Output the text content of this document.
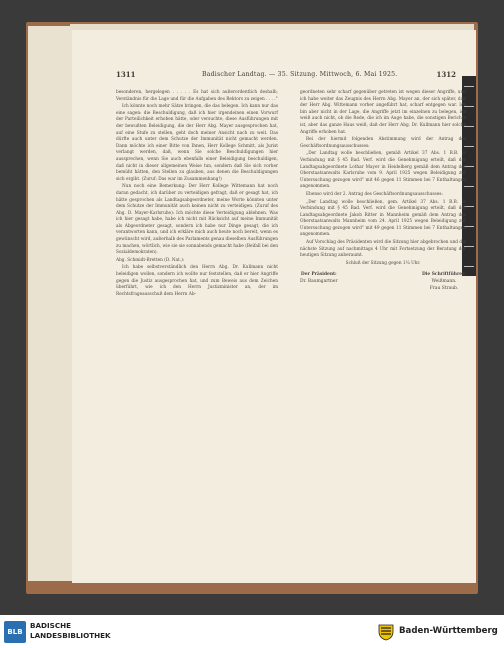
1311	Badischer Landtag. — 35. Sitzung. Mittwoch, 6. Mai 1925.	1312

besonderen, hergelegen . . . . . Es hat sich außerordentlich deshalb, Verständnis für die Lage und für die Aufgaben des Rektors zu zeigen . . . ."

Ich könnte noch mehr Sätze bringen, die das belegen. Ich kann nur das eine sagen: die Beschuldigung, daß ich hier irgendeinen einen Vorwurf der Parteilichkeit erhoben hätte, oder versuchte, diese Ausführungen mit der bewußten Beleidigung, die der Herr Abg. Mayer ausgesprochen hat, auf eine Stufe zu stellen, geht doch meiner Ansicht nach zu weit. Das dürfte auch unter dem Schutze der Immunität nicht gemacht werden. Dann möchte ich einer Bitte von Ihnen, Herr Kollege Schmitt, als Jurist verlangt werden, daß, wenn Sie solche Beschuldigungen hier aussprechen, wenn Sie auch ebenfalls einer Beleidigung beschuldigen, daß nicht in dieser allgemeinen Weise tun, sondern daß Sie sich vorher bemüht hätten, den Stellen zu glauben, aus denen die Beschuldigungen sich ergibt. (Zuruf: Das war im Zusammenhang!)

Nun noch eine Bemerkung: Der Herr Kollege Wittemann hat noch daran gedacht, ich darüber zu verteidigen gefragt, daß er gesagt hat, ich hätte gesprochen als Landtagsabgeordneter, meine Worte könnten unter dem Schutze der Immunität auch keinen nicht zu verteidigen. (Zuruf des Abg. D. Mayer-Karlsruhe): Ich möchte diese Verteidigung ablehnen. Was ich hier gesagt habe, habe ich nicht mit Rücksicht auf meine Immunität als Abgeordneter gesagt, sondern ich habe nur Dinge gesagt, die ich verantworten kann, und ich erkläre mich auch heute noch bereit, wenn es gewünscht wird, außerhalb des Parlaments genau dieselben Ausführungen zu machen, wörtlich, wie sie sie sonnabends gemacht habe (Beifall bei den Sozialdemokraten).

Abg. Schmidt-Bretten (D. Nat.):

Ich habe selbstverständlich den Herrn Abg. Dr. Kullmann nicht beleidigen wollen, sondern ich wollte nur feststellen, daß er hier Angriffe gegen die Justiz ausgesprochen hat, und zum Beweis aus dem Zeichen überführt, wie ich den Herrn Justizminister an, der im Rechtsfrageausschuß dem Herrn Ab-

geordneten sehr scharf gegenüber getreten ist wegen dieser Angriffe, und ich habe weiter das Zeugnis des Herrn Abg. Mayer an, der sich später, daß der Herr Abg. Wittemann vorher angeführt hat, scharf entgegen war. Ich bin aber nicht in der Lage, die Angriffe jetzt im einzelnen zu belegen, ich weiß auch nicht, ob die Rede, die ich im Auge habe, die sonstigen Berichte ist, aber das ganze Haus weiß, daß der Herr Abg. Dr. Kullmann hier solche Angriffe erhoben hat.

Bei der hiermit folgenden Abstimmung wird der Antrag des Geschäftsordnungsausschusses:

„Der Landtag wolle beschließen, gemäß Artikel 37 Abs. 1 B.B. in Verbindung mit § 45 Bad. Verf. wird die Genehmigung erteilt, daß der Landtagsabgeordnete Lothar Mayer in Heidelberg gemäß dem Antrag des Oberstaatsanwalts Karlsruhe vom 9. April 1925 wegen Beleidigung zur Untersuchung gezogen wird" mit 46 gegen 11 Stimmen bei 7 Enthaltungen angenommen.

Ebenso wird der 2. Antrag des Geschäftsordnungsausschusses:

„Der Landtag wolle beschließen, gem. Artikel 37 Abs. 1 B.B. in Verbindung mit § 45 Bad. Verf. wird die Genehmigung erteilt, daß der Landtagsabgeordnete Jakob Ritter in Mannheim gemäß dem Antrag des Oberstaatsanwalts Mannheim vom 24. April 1925 wegen Beleidigung zur Untersuchung gezogen wird" mit 49 gegen 11 Stimmen bei 7 Enthaltungen angenommen.

Auf Vorschlag des Präsidenten wird die Sitzung hier abgebrochen und die nächste Sitzung auf nachmittags 4 Uhr mit Fortsetzung der Beratung der heutigen Sitzung anberaumt.

Schluß der Sitzung gegen 1¼ Uhr.

Der Präsident:
Dr. Baumgartner
Die Schriftführer:
Weißmann.
Frau Straub.
BLB
BADISCHE
LANDESBIBLIOTHEK	Baden-Württemberg
